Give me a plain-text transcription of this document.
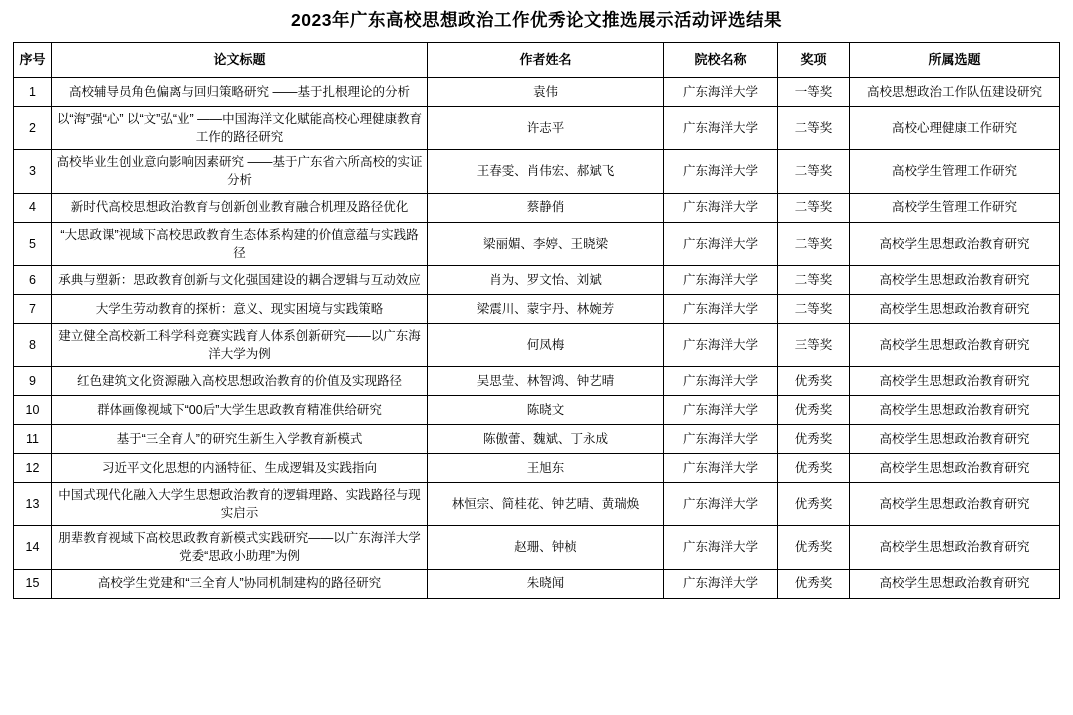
2023年广东高校思想政治工作优秀论文推选展示活动评选结果
序号	论文标题	作者姓名	院校名称	奖项	所属选题
1	高校辅导员角色偏离与回归策略研究 ——基于扎根理论的分析	袁伟	广东海洋大学	一等奖	高校思想政治工作队伍建设研究
2	以“海”强“心” 以“文”弘“业” ——中国海洋文化赋能高校心理健康教育工作的路径研究	许志平	广东海洋大学	二等奖	高校心理健康工作研究
3	高校毕业生创业意向影响因素研究 ——基于广东省六所高校的实证分析	王春雯、肖伟宏、郝斌飞	广东海洋大学	二等奖	高校学生管理工作研究
4	新时代高校思想政治教育与创新创业教育融合机理及路径优化	蔡静俏	广东海洋大学	二等奖	高校学生管理工作研究
5	“大思政课”视域下高校思政教育生态体系构建的价值意蕴与实践路径	梁丽媚、李婷、王晓梁	广东海洋大学	二等奖	高校学生思想政治教育研究
6	承典与塑新：思政教育创新与文化强国建设的耦合逻辑与互动效应	肖为、罗文怡、刘斌	广东海洋大学	二等奖	高校学生思想政治教育研究
7	大学生劳动教育的探析：意义、现实困境与实践策略	梁震川、蒙宇丹、林婉芳	广东海洋大学	二等奖	高校学生思想政治教育研究
8	建立健全高校新工科学科竞赛实践育人体系创新研究——以广东海洋大学为例	何凤梅	广东海洋大学	三等奖	高校学生思想政治教育研究
9	红色建筑文化资源融入高校思想政治教育的价值及实现路径	吴思莹、林智鸿、钟艺晴	广东海洋大学	优秀奖	高校学生思想政治教育研究
10	群体画像视域下“00后”大学生思政教育精准供给研究	陈晓文	广东海洋大学	优秀奖	高校学生思想政治教育研究
11	基于“三全育人”的研究生新生入学教育新模式	陈傲蕾、魏斌、丁永成	广东海洋大学	优秀奖	高校学生思想政治教育研究
12	习近平文化思想的内涵特征、生成逻辑及实践指向	王旭东	广东海洋大学	优秀奖	高校学生思想政治教育研究
13	中国式现代化融入大学生思想政治教育的逻辑理路、实践路径与现实启示	林恒宗、简桂花、钟艺晴、黄瑞焕	广东海洋大学	优秀奖	高校学生思想政治教育研究
14	朋辈教育视域下高校思政教育新模式实践研究——以广东海洋大学党委“思政小助理”为例	赵珊、钟桢	广东海洋大学	优秀奖	高校学生思想政治教育研究
15	高校学生党建和“三全育人”协同机制建构的路径研究	朱晓闻	广东海洋大学	优秀奖	高校学生思想政治教育研究
